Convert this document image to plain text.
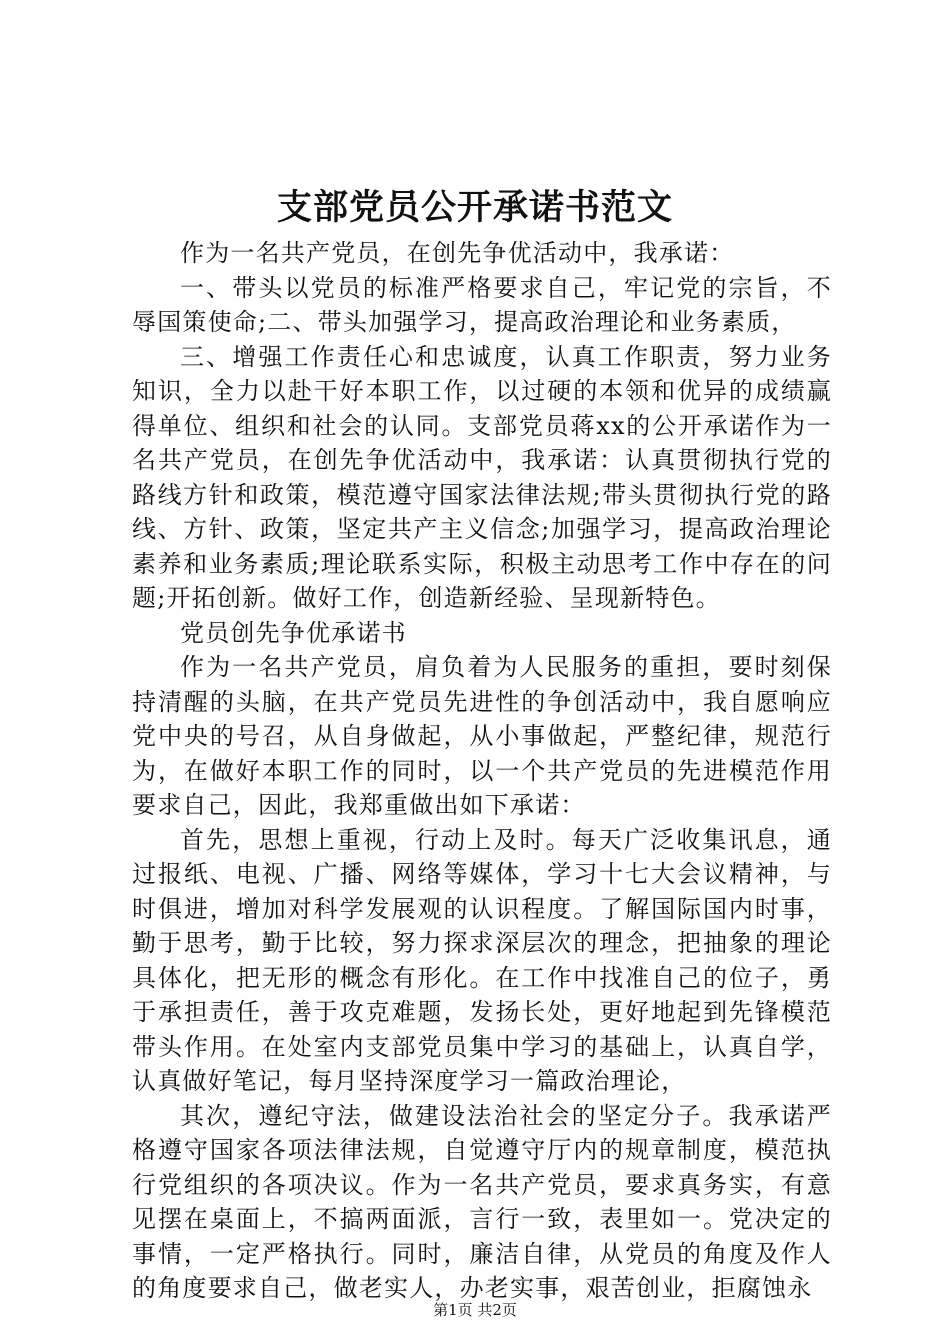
支部党员公开承诺书范文

作为一名共产党员，在创先争优活动中，我承诺：

一、带头以党员的标准严格要求自己，牢记党的宗旨，不辱国策使命;二、带头加强学习，提高政治理论和业务素质，

三、增强工作责任心和忠诚度，认真工作职责，努力业务知识，全力以赴干好本职工作，以过硬的本领和优异的成绩赢得单位、组织和社会的认同。支部党员蒋xx的公开承诺作为一名共产党员，在创先争优活动中，我承诺：认真贯彻执行党的路线方针和政策，模范遵守国家法律法规;带头贯彻执行党的路线、方针、政策，坚定共产主义信念;加强学习，提高政治理论素养和业务素质;理论联系实际，积极主动思考工作中存在的问题;开拓创新。做好工作，创造新经验、呈现新特色。

党员创先争优承诺书

作为一名共产党员，肩负着为人民服务的重担，要时刻保持清醒的头脑，在共产党员先进性的争创活动中，我自愿响应党中央的号召，从自身做起，从小事做起，严整纪律，规范行为，在做好本职工作的同时，以一个共产党员的先进模范作用要求自己，因此，我郑重做出如下承诺：

首先，思想上重视，行动上及时。每天广泛收集讯息，通过报纸、电视、广播、网络等媒体，学习十七大会议精神，与时俱进，增加对科学发展观的认识程度。了解国际国内时事，勤于思考，勤于比较，努力探求深层次的理念，把抽象的理论具体化，把无形的概念有形化。在工作中找准自己的位子，勇于承担责任，善于攻克难题，发扬长处，更好地起到先锋模范带头作用。在处室内支部党员集中学习的基础上，认真自学，认真做好笔记，每月坚持深度学习一篇政治理论，

其次，遵纪守法，做建设法治社会的坚定分子。我承诺严格遵守国家各项法律法规，自觉遵守厅内的规章制度，模范执行党组织的各项决议。作为一名共产党员，要求真务实，有意见摆在桌面上，不搞两面派，言行一致，表里如一。党决定的事情，一定严格执行。同时，廉洁自律，从党员的角度及作人的角度要求自己，做老实人，办老实事，艰苦创业，拒腐蚀永

第1页 共2页
